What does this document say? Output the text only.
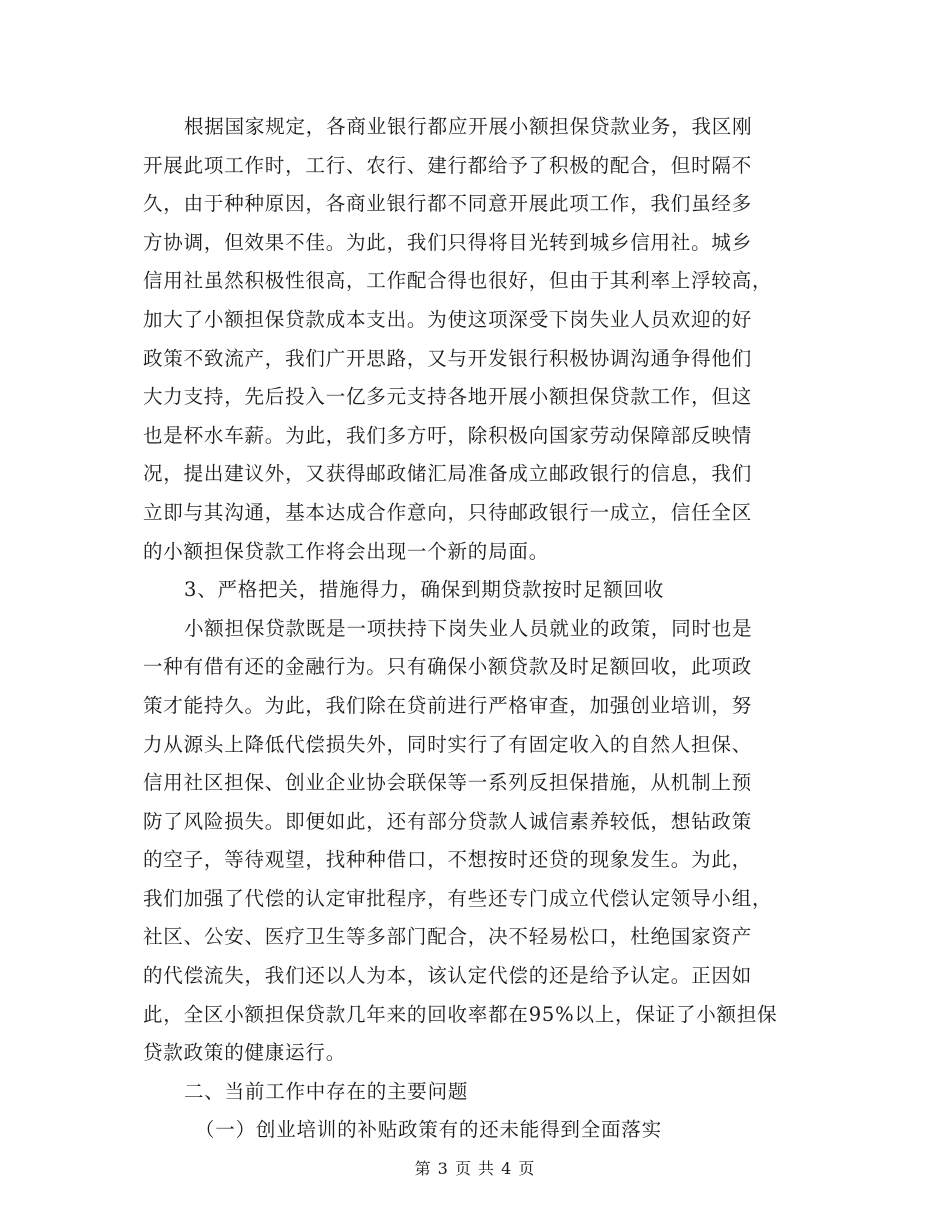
根据国家规定，各商业银行都应开展小额担保贷款业务，我区刚
开展此项工作时，工行、农行、建行都给予了积极的配合，但时隔不
久，由于种种原因，各商业银行都不同意开展此项工作，我们虽经多
方协调，但效果不佳。为此，我们只得将目光转到城乡信用社。城乡
信用社虽然积极性很高，工作配合得也很好，但由于其利率上浮较高，
加大了小额担保贷款成本支出。为使这项深受下岗失业人员欢迎的好
政策不致流产，我们广开思路，又与开发银行积极协调沟通争得他们
大力支持，先后投入一亿多元支持各地开展小额担保贷款工作，但这
也是杯水车薪。为此，我们多方吁，除积极向国家劳动保障部反映情
况，提出建议外，又获得邮政储汇局准备成立邮政银行的信息，我们
立即与其沟通，基本达成合作意向，只待邮政银行一成立，信任全区
的小额担保贷款工作将会出现一个新的局面。
3、严格把关，措施得力，确保到期贷款按时足额回收
小额担保贷款既是一项扶持下岗失业人员就业的政策，同时也是
一种有借有还的金融行为。只有确保小额贷款及时足额回收，此项政
策才能持久。为此，我们除在贷前进行严格审查，加强创业培训，努
力从源头上降低代偿损失外，同时实行了有固定收入的自然人担保、
信用社区担保、创业企业协会联保等一系列反担保措施，从机制上预
防了风险损失。即便如此，还有部分贷款人诚信素养较低，想钻政策
的空子，等待观望，找种种借口，不想按时还贷的现象发生。为此，
我们加强了代偿的认定审批程序，有些还专门成立代偿认定领导小组，
社区、公安、医疗卫生等多部门配合，决不轻易松口，杜绝国家资产
的代偿流失，我们还以人为本，该认定代偿的还是给予认定。正因如
此，全区小额担保贷款几年来的回收率都在95%以上，保证了小额担保
贷款政策的健康运行。
二、当前工作中存在的主要问题
（一）创业培训的补贴政策有的还未能得到全面落实
第 3 页 共 4 页
